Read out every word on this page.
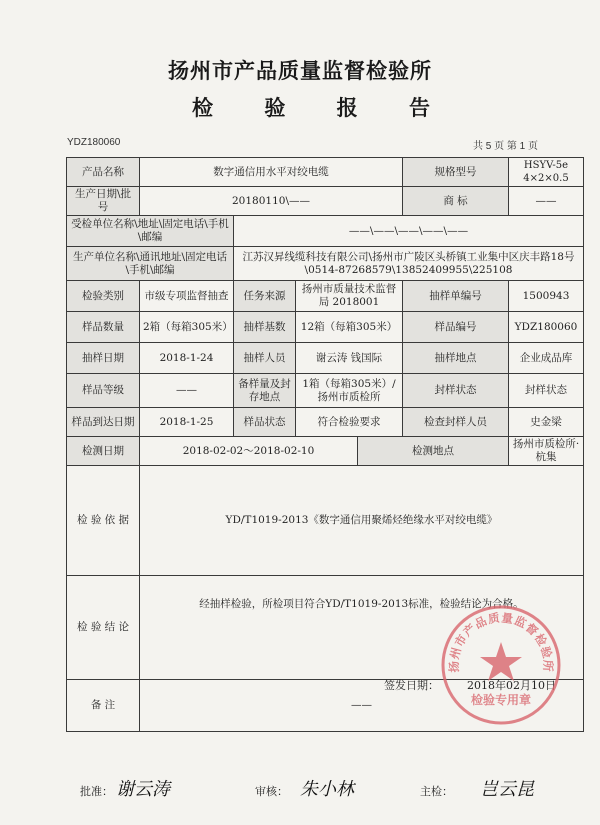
扬州市产品质量监督检验所
检 验 报 告
YDZ180060	共 5 页 第 1 页
产品名称	数字通信用水平对绞电缆				规格型号	HSYV-5e 4×2×0.5
生产日期\批号	20180110\——				商 标	——
受检单位名称\地址\固定电话\手机\邮编		——\——\——\——\——				
生产单位名称\通讯地址\固定电话\手机\邮编		江苏汉昇线缆科技有限公司\扬州市广陵区头桥镇工业集中区庆丰路18号\0514-87268579\13852409955\225108				
检验类别	市级专项监督抽查	任务来源	扬州市质量技术监督局 2018001		抽样单编号	1500943
样品数量	2箱（每箱305米）	抽样基数	12箱（每箱305米）		样品编号	YDZ180060
抽样日期	2018-1-24	抽样人员	谢云涛 钱国际		抽样地点	企业成品库
样品等级	——	备样量及封存地点	1箱（每箱305米）/扬州市质检所		封样状态	封样状态
样品到达日期	2018-1-25	样品状态	符合检验要求		检查封样人员	史金梁
检测日期	2018-02-02～2018-02-10			检测地点		扬州市质检所·杭集
检 验 依 据	YD/T1019-2013《数字通信用聚烯烃绝缘水平对绞电缆》					
检 验 结 论	经抽样检验，所检项目符合YD/T1019-2013标准，检验结论为合格。					
备 注	——					
签发日期：	2018年02月10日
扬州市产品质量监督检验所
检验专用章
批准： 谢云涛	审核： 朱小林	主检： 岂云昆
